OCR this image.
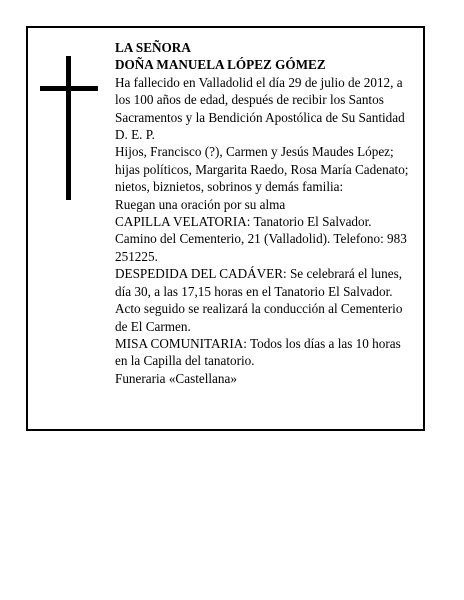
LA SEÑORA

DOÑA MANUELA LÓPEZ GÓMEZ

Ha fallecido en Valladolid el día 29 de julio de 2012, a los 100 años de edad, después de recibir los Santos Sacramentos y la Bendición Apostólica de Su Santidad D. E. P.

Hijos, Francisco (?), Carmen y Jesús Maudes López; hijas políticos, Margarita Raedo, Rosa María Cadenato; nietos, biznietos, sobrinos y demás familia:

Ruegan una oración por su alma

CAPILLA VELATORIA: Tanatorio El Salvador. Camino del Cementerio, 21 (Valladolid). Telefono: 983 251225.

DESPEDIDA DEL CADÁVER: Se celebrará el lunes, día 30, a las 17,15 horas en el Tanatorio El Salvador. Acto seguido se realizará la conducción al Cementerio de El Carmen.

MISA COMUNITARIA: Todos los días a las 10 horas en la Capilla del tanatorio.

Funeraria «Castellana»
